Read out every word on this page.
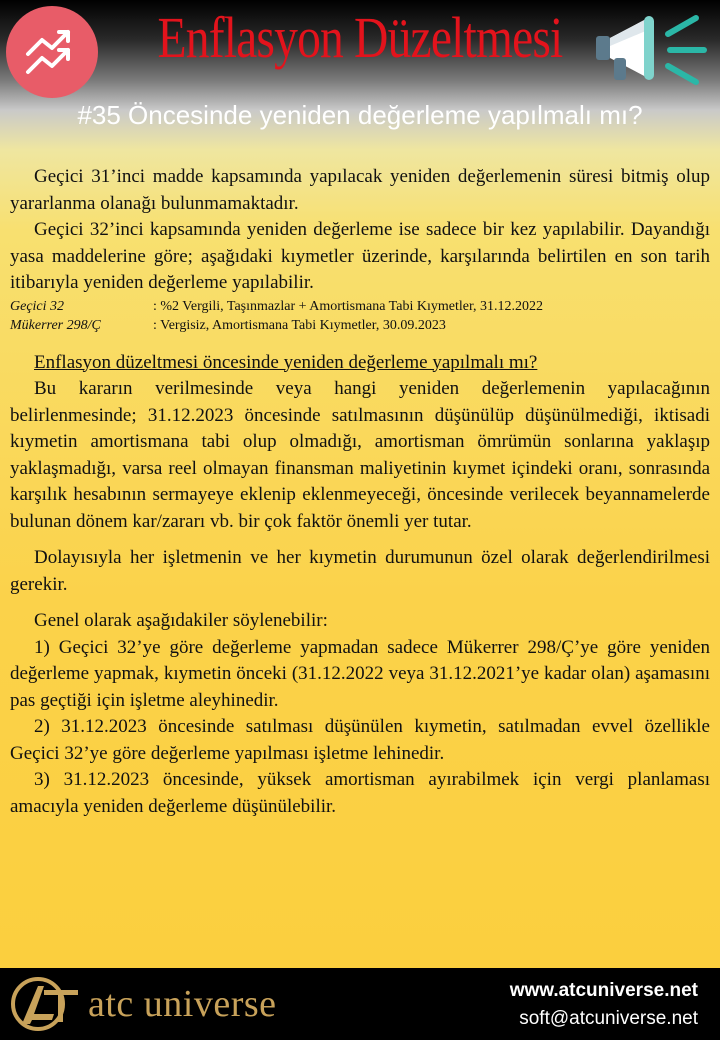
Enflasyon Düzeltmesi
#35 Öncesinde yeniden değerleme yapılmalı mı?

Geçici 31’inci madde kapsamında yapılacak yeniden değerlemenin süresi bitmiş olup yararlanma olanağı bulunmamaktadır.

Geçici 32’inci kapsamında yeniden değerleme ise sadece bir kez yapılabilir. Dayandığı yasa maddelerine göre; aşağıdaki kıymetler üzerinde, karşılarında belirtilen en son tarih itibarıyla yeniden değerleme yapılabilir.

Geçici 32	: %2 Vergili, Taşınmazlar + Amortismana Tabi Kıymetler, 31.12.2022
Mükerrer 298/Ç	: Vergisiz, Amortismana Tabi Kıymetler, 30.09.2023

Enflasyon düzeltmesi öncesinde yeniden değerleme yapılmalı mı?

Bu kararın verilmesinde veya hangi yeniden değerlemenin yapılacağının belirlenmesinde; 31.12.2023 öncesinde satılmasının düşünülüp düşünülmediği, iktisadi kıymetin amortismana tabi olup olmadığı, amortisman ömrümün sonlarına yaklaşıp yaklaşmadığı, varsa reel olmayan finansman maliyetinin kıymet içindeki oranı, sonrasında karşılık hesabının sermayeye eklenip eklenmeyeceği, öncesinde verilecek beyannamelerde bulunan dönem kar/zararı vb. bir çok faktör önemli yer tutar.

Dolayısıyla her işletmenin ve her kıymetin durumunun özel olarak değerlendirilmesi gerekir.

Genel olarak aşağıdakiler söylenebilir:

1) Geçici 32’ye göre değerleme yapmadan sadece Mükerrer 298/Ç’ye göre yeniden değerleme yapmak, kıymetin önceki (31.12.2022 veya 31.12.2021’ye kadar olan) aşamasını pas geçtiği için işletme aleyhinedir.

2) 31.12.2023 öncesinde satılması düşünülen kıymetin, satılmadan evvel özellikle Geçici 32’ye göre değerleme yapılması işletme lehinedir.

3) 31.12.2023 öncesinde, yüksek amortisman ayırabilmek için vergi planlaması amacıyla yeniden değerleme düşünülebilir.

atc universe	www.atcuniverse.net
soft@atcuniverse.net
